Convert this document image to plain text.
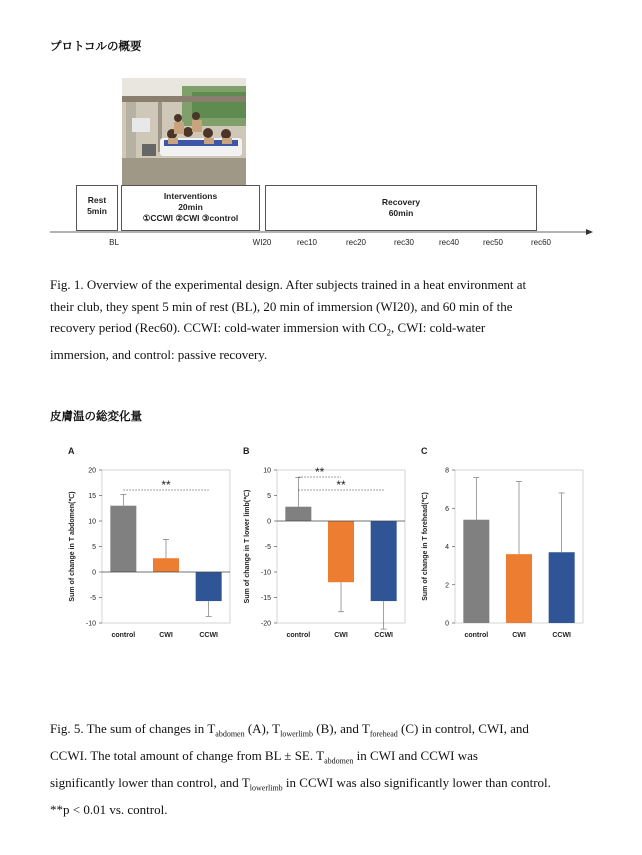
プロトコルの概要
Rest
5min
Interventions
20min
①CCWI ②CWI ③control
Recovery
60min
BL	WI20	rec10	rec20	rec30	rec40	rec50	rec60

Fig. 1. Overview of the experimental design. After subjects trained in a heat environment at

their club, they spent 5 min of rest (BL), 20 min of immersion (WI20), and 60 min of the

recovery period (Rec60). CCWI: cold-water immersion with $CO_2$, CWI: cold-water

immersion, and control: passive recovery.

皮膚温の総変化量
A
-10
-5
0
5
10
15
20
Sum of change in T abdomen(℃)
control	CWI	CCWI
**
B
-20
-15
-10
-5
0
5
10
Sum of change in T lower limb(℃)
control	CWI	CCWI
**
**
C
0
2
4
6
8
Sum of change in T forehead(℃)
control	CWI	CCWI

Fig. 5. The sum of changes in $T_{abdomen}$ (A), $T_{lowerlimb}$ (B), and $T_{forehead}$ (C) in control, CWI, and

CCWI. The total amount of change from BL ± SE. $T_{abdomen}$ in CWI and CCWI was

significantly lower than control, and $T_{lowerlimb}$ in CCWI was also significantly lower than control.

**p < 0.01 vs. control.
